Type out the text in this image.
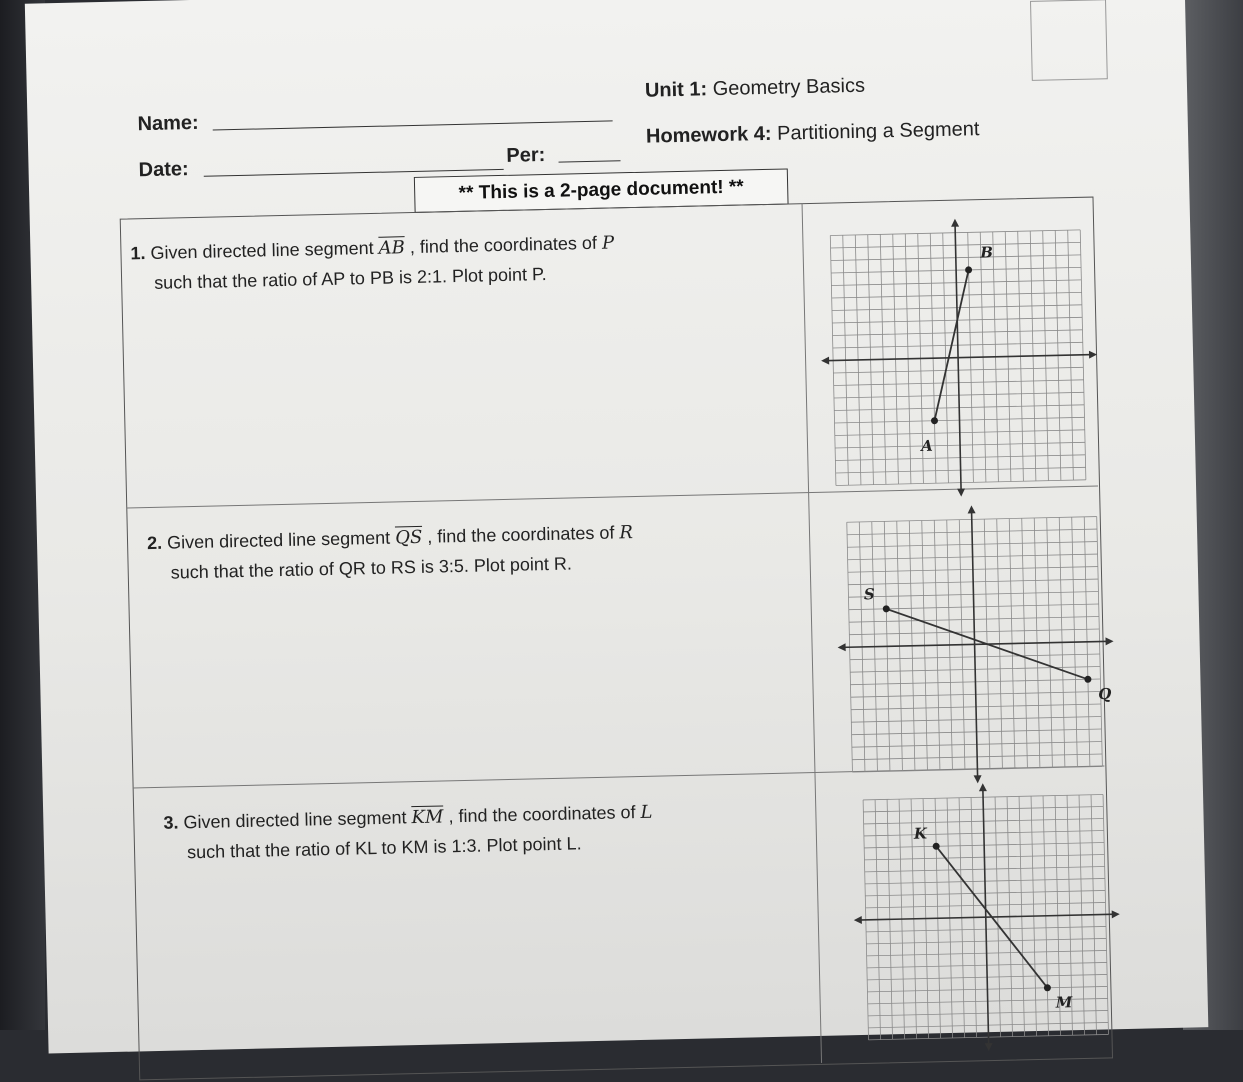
Name:
Unit 1: Geometry Basics
Date:
Per:
Homework 4: Partitioning a Segment
** This is a 2-page document! **
1. Given directed line segment $\overline{AB}$ , find the coordinates of P
such that the ratio of AP to PB is 2:1. Plot point P.
2. Given directed line segment $\overline{QS}$ , find the coordinates of R
such that the ratio of QR to RS is 3:5. Plot point R.
3. Given directed line segment $\overline{KM}$ , find the coordinates of L
such that the ratio of KL to KM is 1:3. Plot point L.
A
B
S
Q
K
M
